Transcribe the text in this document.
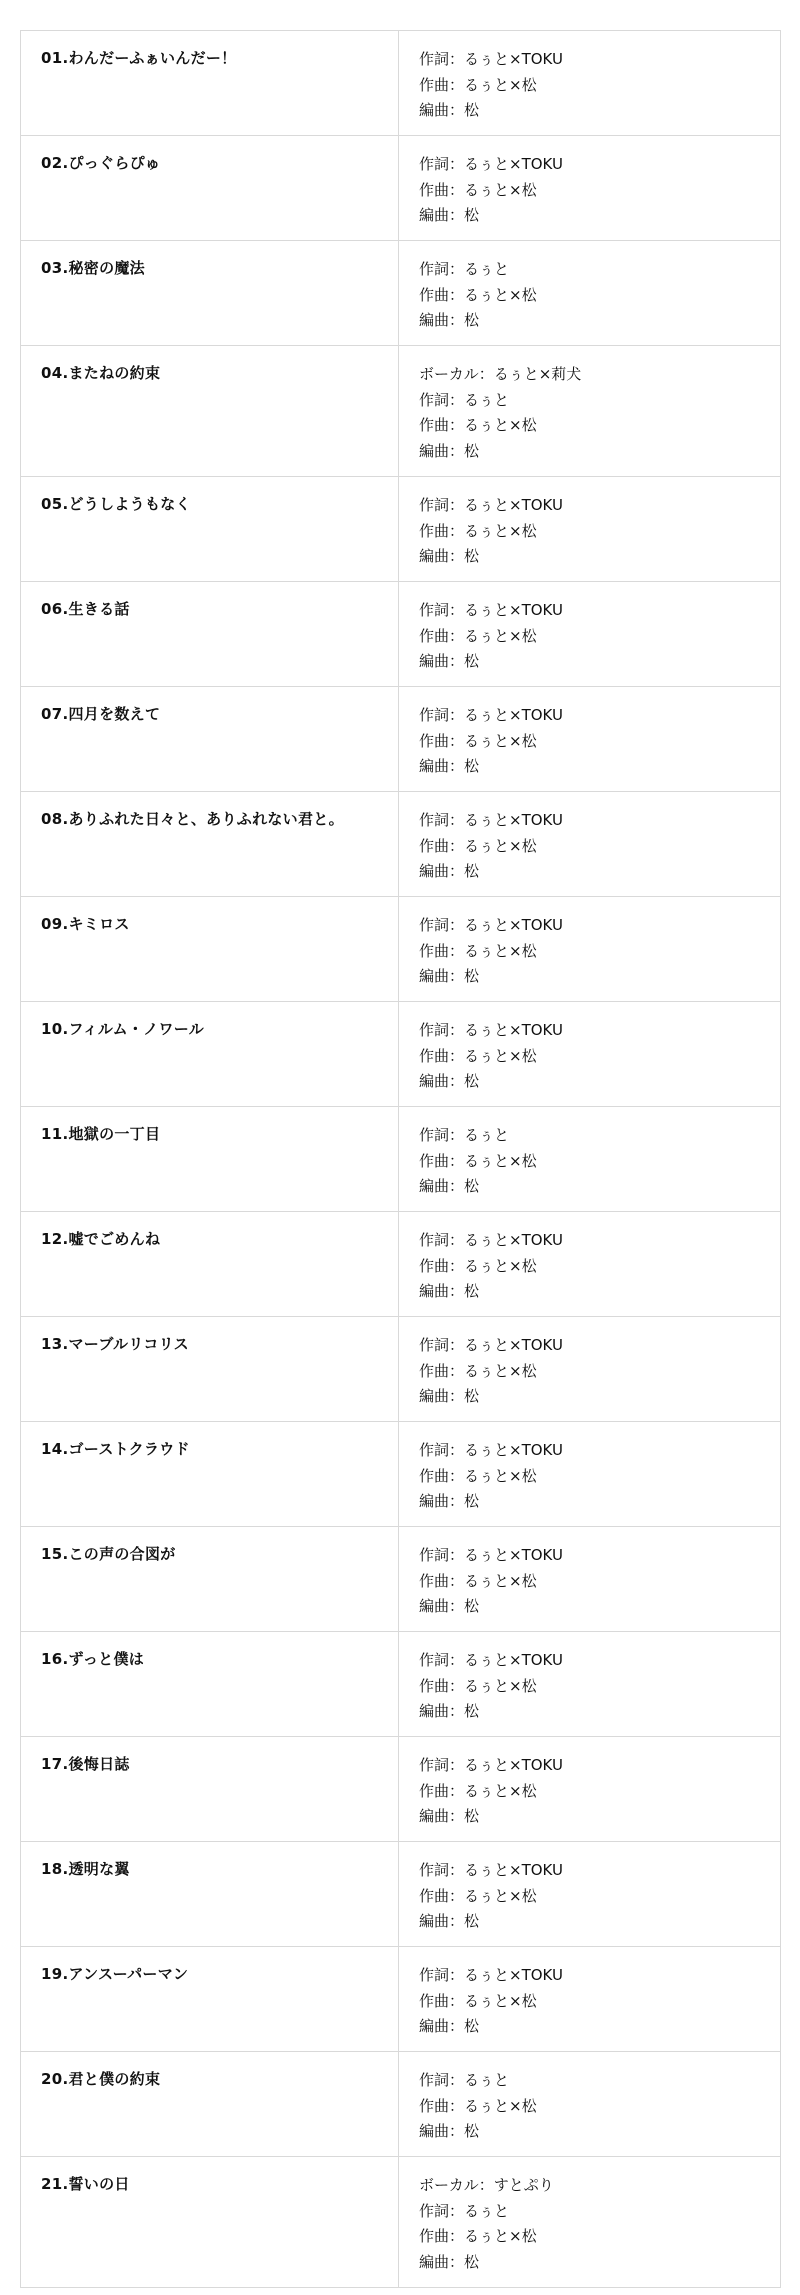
01.わんだーふぁいんだー！	作詞：るぅと×TOKU
作曲：るぅと×松
編曲：松

02.ぴっぐらぴゅ	作詞：るぅと×TOKU
作曲：るぅと×松
編曲：松

03.秘密の魔法	作詞：るぅと
作曲：るぅと×松
編曲：松

04.またねの約束	ボーカル：るぅと×莉犬
作詞：るぅと
作曲：るぅと×松
編曲：松

05.どうしようもなく	作詞：るぅと×TOKU
作曲：るぅと×松
編曲：松

06.生きる話	作詞：るぅと×TOKU
作曲：るぅと×松
編曲：松

07.四月を数えて	作詞：るぅと×TOKU
作曲：るぅと×松
編曲：松

08.ありふれた日々と、ありふれない君と。	作詞：るぅと×TOKU
作曲：るぅと×松
編曲：松

09.キミロス	作詞：るぅと×TOKU
作曲：るぅと×松
編曲：松

10.フィルム・ノワール	作詞：るぅと×TOKU
作曲：るぅと×松
編曲：松

11.地獄の一丁目	作詞：るぅと
作曲：るぅと×松
編曲：松

12.嘘でごめんね	作詞：るぅと×TOKU
作曲：るぅと×松
編曲：松

13.マーブルリコリス	作詞：るぅと×TOKU
作曲：るぅと×松
編曲：松

14.ゴーストクラウド	作詞：るぅと×TOKU
作曲：るぅと×松
編曲：松

15.この声の合図が	作詞：るぅと×TOKU
作曲：るぅと×松
編曲：松

16.ずっと僕は	作詞：るぅと×TOKU
作曲：るぅと×松
編曲：松

17.後悔日誌	作詞：るぅと×TOKU
作曲：るぅと×松
編曲：松

18.透明な翼	作詞：るぅと×TOKU
作曲：るぅと×松
編曲：松

19.アンスーパーマン	作詞：るぅと×TOKU
作曲：るぅと×松
編曲：松

20.君と僕の約束	作詞：るぅと
作曲：るぅと×松
編曲：松

21.誓いの日	ボーカル：すとぷり
作詞：るぅと
作曲：るぅと×松
編曲：松
